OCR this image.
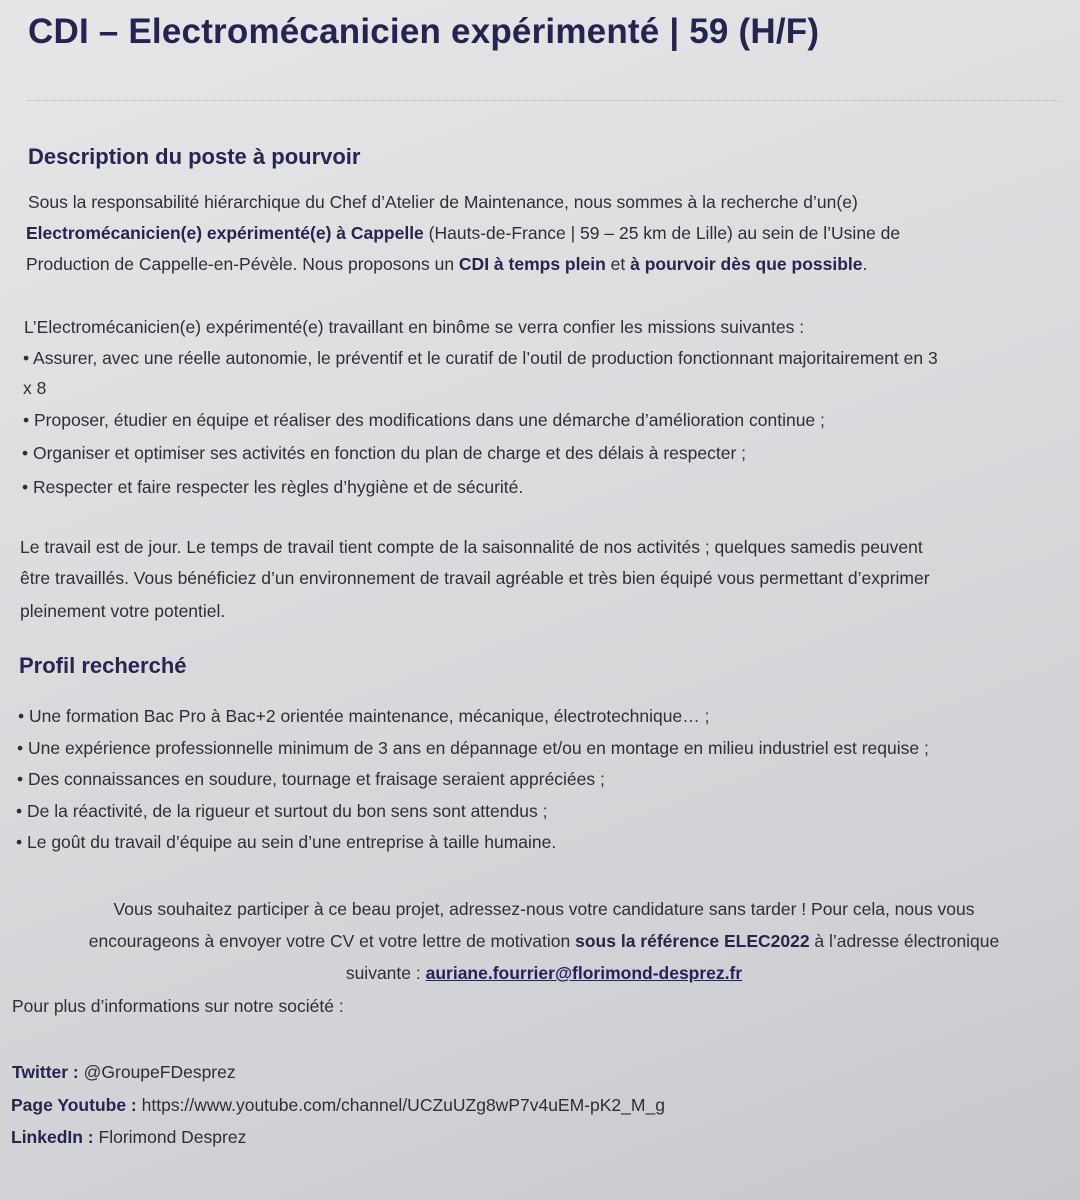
CDI – Electromécanicien expérimenté | 59 (H/F)
Description du poste à pourvoir
Sous la responsabilité hiérarchique du Chef d’Atelier de Maintenance, nous sommes à la recherche d’un(e)
Electromécanicien(e) expérimenté(e) à Cappelle (Hauts-de-France | 59 – 25 km de Lille) au sein de l’Usine de
Production de Cappelle-en-Pévèle. Nous proposons un CDI à temps plein et à pourvoir dès que possible.
L’Electromécanicien(e) expérimenté(e) travaillant en binôme se verra confier les missions suivantes :
• Assurer, avec une réelle autonomie, le préventif et le curatif de l’outil de production fonctionnant majoritairement en 3
x 8
• Proposer, étudier en équipe et réaliser des modifications dans une démarche d’amélioration continue ;
• Organiser et optimiser ses activités en fonction du plan de charge et des délais à respecter ;
• Respecter et faire respecter les règles d’hygiène et de sécurité.
Le travail est de jour. Le temps de travail tient compte de la saisonnalité de nos activités ; quelques samedis peuvent
être travaillés. Vous bénéficiez d’un environnement de travail agréable et très bien équipé vous permettant d’exprimer
pleinement votre potentiel.
Profil recherché
• Une formation Bac Pro à Bac+2 orientée maintenance, mécanique, électrotechnique… ;
• Une expérience professionnelle minimum de 3 ans en dépannage et/ou en montage en milieu industriel est requise ;
• Des connaissances en soudure, tournage et fraisage seraient appréciées ;
• De la réactivité, de la rigueur et surtout du bon sens sont attendus ;
• Le goût du travail d’équipe au sein d’une entreprise à taille humaine.
Vous souhaitez participer à ce beau projet, adressez-nous votre candidature sans tarder ! Pour cela, nous vous
encourageons à envoyer votre CV et votre lettre de motivation sous la référence ELEC2022 à l’adresse électronique
suivante : auriane.fourrier@florimond-desprez.fr
Pour plus d’informations sur notre société :
Twitter : @GroupeFDesprez
Page Youtube : https://www.youtube.com/channel/UCZuUZg8wP7v4uEM-pK2_M_g
LinkedIn : Florimond Desprez
